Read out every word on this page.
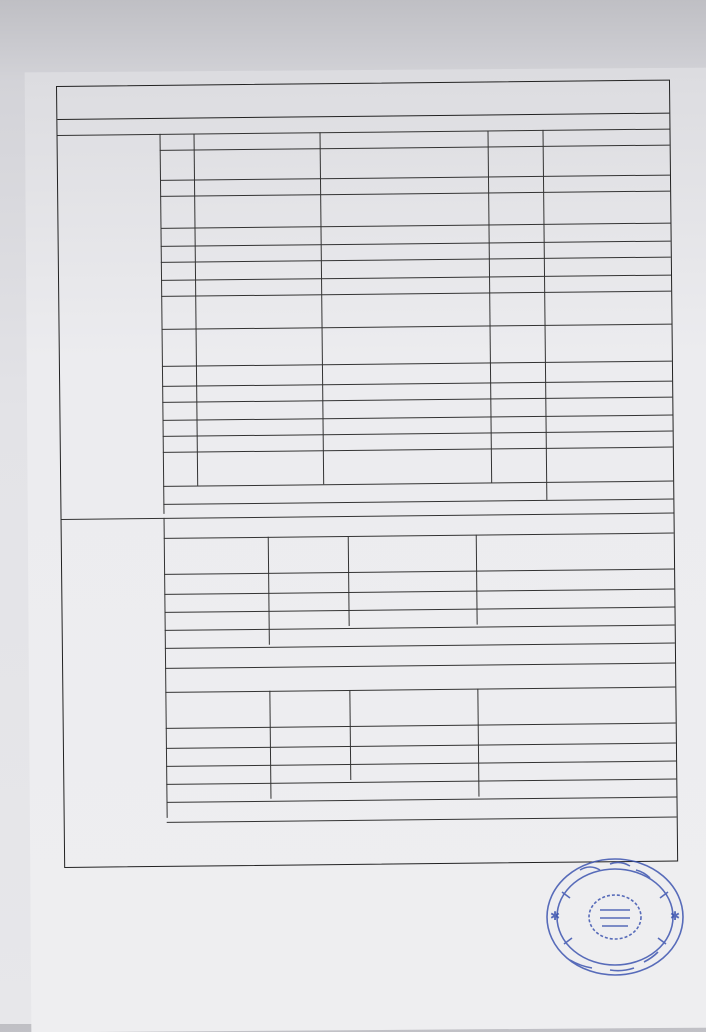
✱	✱
